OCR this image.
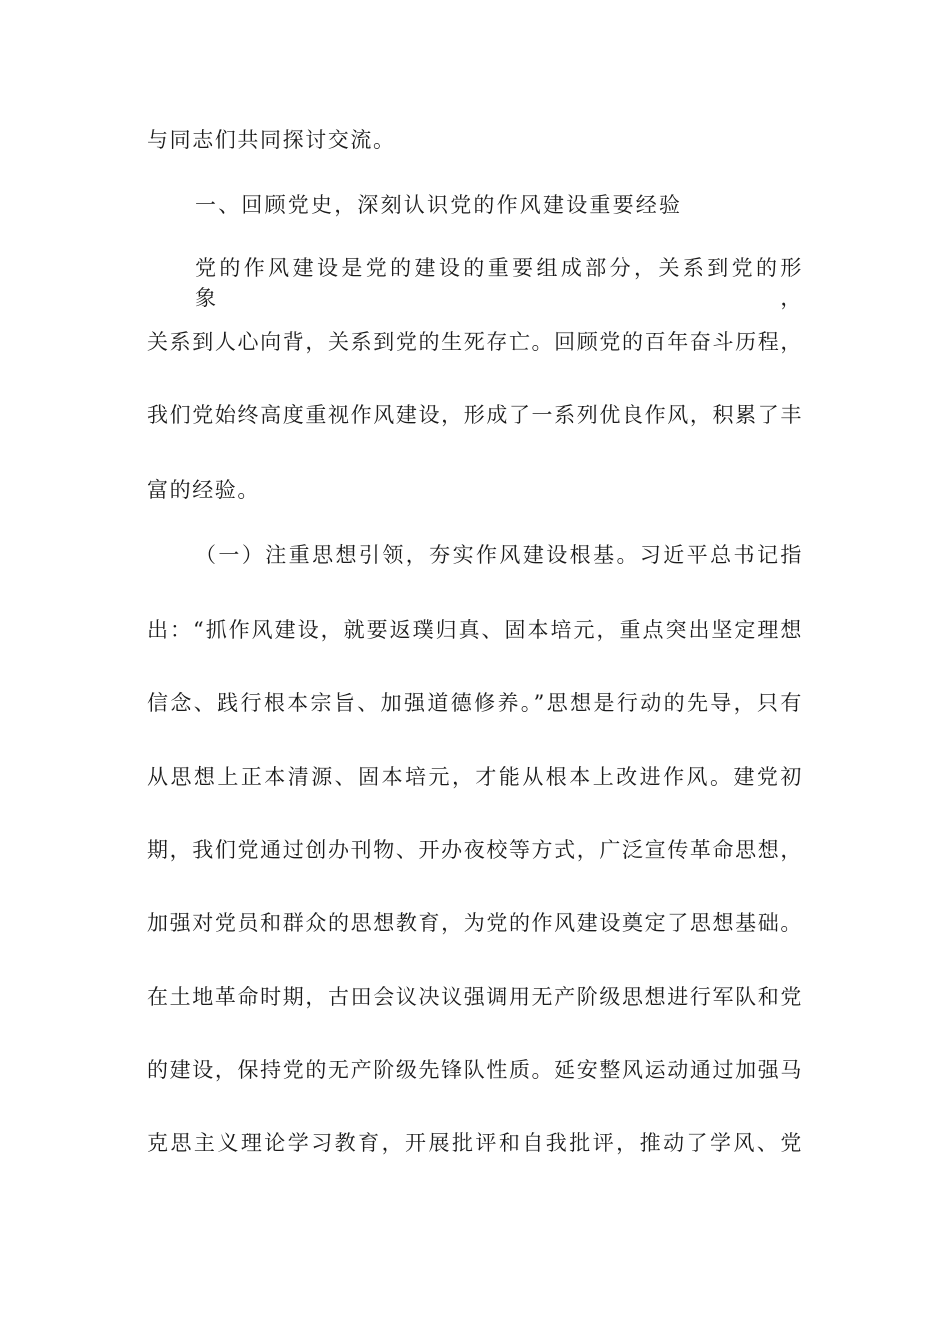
与同志们共同探讨交流。
一、回顾党史，深刻认识党的作风建设重要经验
党的作风建设是党的建设的重要组成部分，关系到党的形象，
关系到人心向背，关系到党的生死存亡。回顾党的百年奋斗历程，
我们党始终高度重视作风建设，形成了一系列优良作风，积累了丰
富的经验。
（一）注重思想引领，夯实作风建设根基。习近平总书记指
出：“抓作风建设，就要返璞归真、固本培元，重点突出坚定理想
信念、践行根本宗旨、加强道德修养。”思想是行动的先导，只有
从思想上正本清源、固本培元，才能从根本上改进作风。建党初
期，我们党通过创办刊物、开办夜校等方式，广泛宣传革命思想，
加强对党员和群众的思想教育，为党的作风建设奠定了思想基础。
在土地革命时期，古田会议决议强调用无产阶级思想进行军队和党
的建设，保持党的无产阶级先锋队性质。延安整风运动通过加强马
克思主义理论学习教育，开展批评和自我批评，推动了学风、党
